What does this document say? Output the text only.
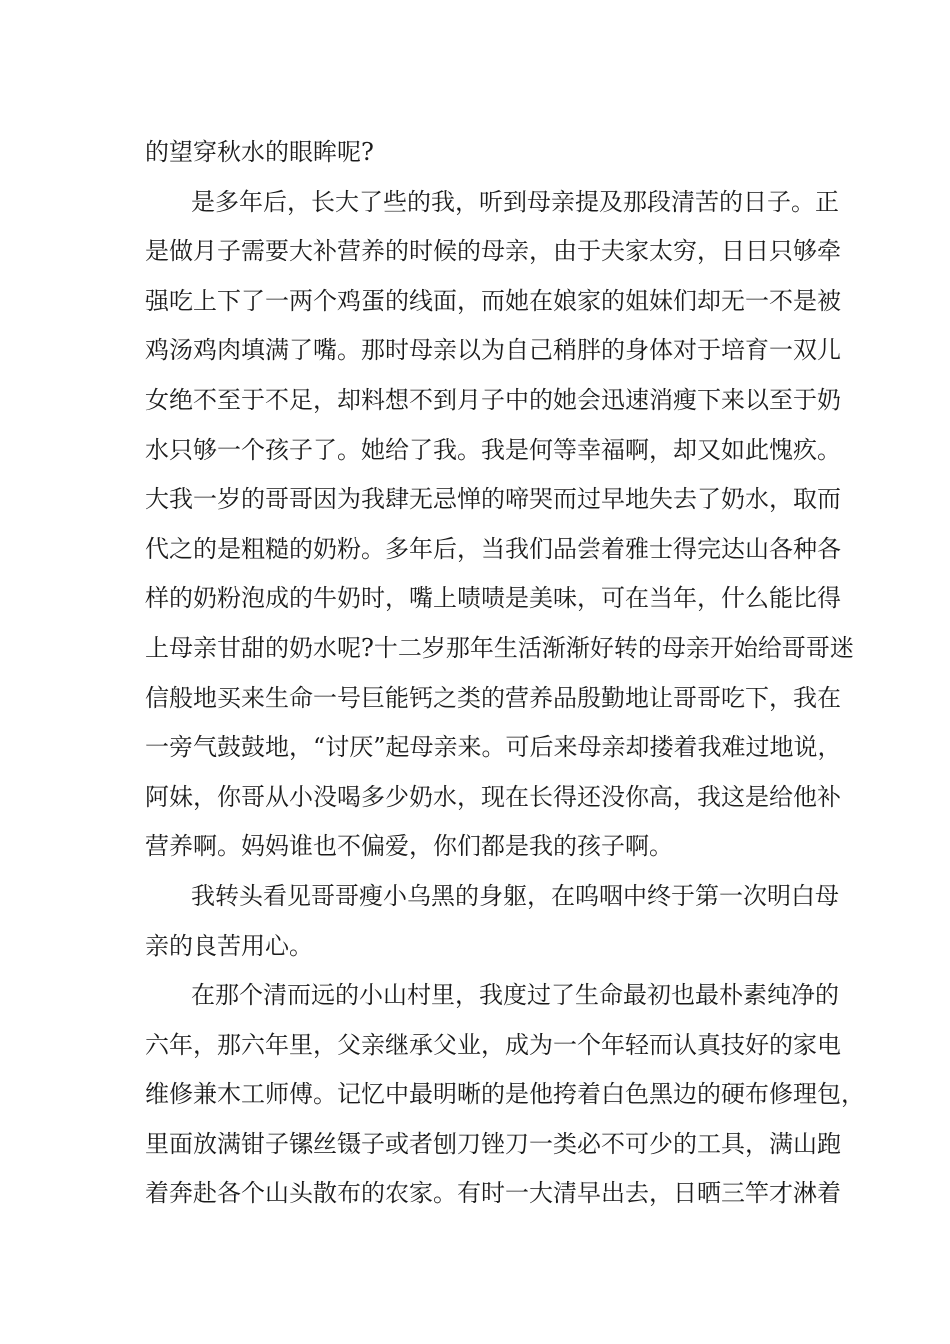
的望穿秋水的眼眸呢?
是多年后，长大了些的我，听到母亲提及那段清苦的日子。正
是做月子需要大补营养的时候的母亲，由于夫家太穷，日日只够牵
强吃上下了一两个鸡蛋的线面，而她在娘家的姐妹们却无一不是被
鸡汤鸡肉填满了嘴。那时母亲以为自己稍胖的身体对于培育一双儿
女绝不至于不足，却料想不到月子中的她会迅速消瘦下来以至于奶
水只够一个孩子了。她给了我。我是何等幸福啊，却又如此愧疚。
大我一岁的哥哥因为我肆无忌惮的啼哭而过早地失去了奶水，取而
代之的是粗糙的奶粉。多年后，当我们品尝着雅士得完达山各种各
样的奶粉泡成的牛奶时，嘴上啧啧是美味，可在当年，什么能比得
上母亲甘甜的奶水呢?十二岁那年生活渐渐好转的母亲开始给哥哥迷
信般地买来生命一号巨能钙之类的营养品殷勤地让哥哥吃下，我在
一旁气鼓鼓地，“讨厌”起母亲来。可后来母亲却搂着我难过地说，
阿妹，你哥从小没喝多少奶水，现在长得还没你高，我这是给他补
营养啊。妈妈谁也不偏爱，你们都是我的孩子啊。
我转头看见哥哥瘦小乌黑的身躯，在呜咽中终于第一次明白母
亲的良苦用心。
在那个清而远的小山村里，我度过了生命最初也最朴素纯净的
六年，那六年里，父亲继承父业，成为一个年轻而认真技好的家电
维修兼木工师傅。记忆中最明晰的是他挎着白色黑边的硬布修理包，
里面放满钳子镙丝镊子或者刨刀锉刀一类必不可少的工具，满山跑
着奔赴各个山头散布的农家。有时一大清早出去，日晒三竿才淋着
